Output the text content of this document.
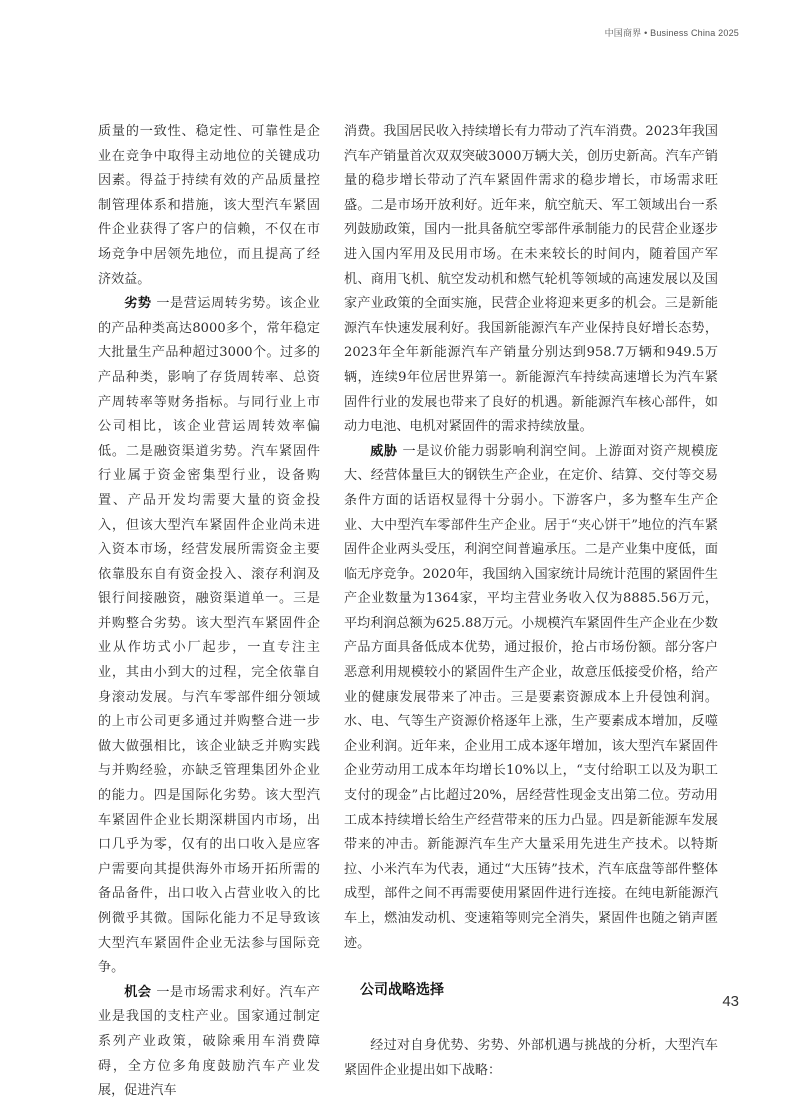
中国商界 • Business China 2025

质量的一致性、稳定性、可靠性是企业在竞争中取得主动地位的关键成功因素。得益于持续有效的产品质量控制管理体系和措施，该大型汽车紧固件企业获得了客户的信赖，不仅在市场竞争中居领先地位，而且提高了经济效益。

劣势 一是营运周转劣势。该企业的产品种类高达8000多个，常年稳定大批量生产品种超过3000个。过多的产品种类，影响了存货周转率、总资产周转率等财务指标。与同行业上市公司相比，该企业营运周转效率偏低。二是融资渠道劣势。汽车紧固件行业属于资金密集型行业，设备购置、产品开发均需要大量的资金投入，但该大型汽车紧固件企业尚未进入资本市场，经营发展所需资金主要依靠股东自有资金投入、滚存利润及银行间接融资，融资渠道单一。三是并购整合劣势。该大型汽车紧固件企业从作坊式小厂起步，一直专注主业，其由小到大的过程，完全依靠自身滚动发展。与汽车零部件细分领域的上市公司更多通过并购整合进一步做大做强相比，该企业缺乏并购实践与并购经验，亦缺乏管理集团外企业的能力。四是国际化劣势。该大型汽车紧固件企业长期深耕国内市场，出口几乎为零，仅有的出口收入是应客户需要向其提供海外市场开拓所需的备品备件，出口收入占营业收入的比例微乎其微。国际化能力不足导致该大型汽车紧固件企业无法参与国际竞争。

机会 一是市场需求利好。汽车产业是我国的支柱产业。国家通过制定系列产业政策，破除乘用车消费障碍，全方位多角度鼓励汽车产业发展，促进汽车

消费。我国居民收入持续增长有力带动了汽车消费。2023年我国汽车产销量首次双双突破3000万辆大关，创历史新高。汽车产销量的稳步增长带动了汽车紧固件需求的稳步增长，市场需求旺盛。二是市场开放利好。近年来，航空航天、军工领域出台一系列鼓励政策，国内一批具备航空零部件承制能力的民营企业逐步进入国内军用及民用市场。在未来较长的时间内，随着国产军机、商用飞机、航空发动机和燃气轮机等领域的高速发展以及国家产业政策的全面实施，民营企业将迎来更多的机会。三是新能源汽车快速发展利好。我国新能源汽车产业保持良好增长态势，2023年全年新能源汽车产销量分别达到958.7万辆和949.5万辆，连续9年位居世界第一。新能源汽车持续高速增长为汽车紧固件行业的发展也带来了良好的机遇。新能源汽车核心部件，如动力电池、电机对紧固件的需求持续放量。

威胁 一是议价能力弱影响利润空间。上游面对资产规模庞大、经营体量巨大的钢铁生产企业，在定价、结算、交付等交易条件方面的话语权显得十分弱小。下游客户，多为整车生产企业、大中型汽车零部件生产企业。居于“夹心饼干”地位的汽车紧固件企业两头受压，利润空间普遍承压。二是产业集中度低，面临无序竞争。2020年，我国纳入国家统计局统计范围的紧固件生产企业数量为1364家，平均主营业务收入仅为8885.56万元，平均利润总额为625.88万元。小规模汽车紧固件生产企业在少数产品方面具备低成本优势，通过报价，抢占市场份额。部分客户恶意利用规模较小的紧固件生产企业，故意压低接受价格，给产业的健康发展带来了冲击。三是要素资源成本上升侵蚀利润。水、电、气等生产资源价格逐年上涨，生产要素成本增加，反噬企业利润。近年来，企业用工成本逐年增加，该大型汽车紧固件企业劳动用工成本年均增长10%以上，“支付给职工以及为职工支付的现金”占比超过20%，居经营性现金支出第二位。劳动用工成本持续增长给生产经营带来的压力凸显。四是新能源车发展带来的冲击。新能源汽车生产大量采用先进生产技术。以特斯拉、小米汽车为代表，通过“大压铸”技术，汽车底盘等部件整体成型，部件之间不再需要使用紧固件进行连接。在纯电新能源汽车上，燃油发动机、变速箱等则完全消失，紧固件也随之销声匿迹。

公司战略选择

经过对自身优势、劣势、外部机遇与挑战的分析，大型汽车紧固件企业提出如下战略：

43
